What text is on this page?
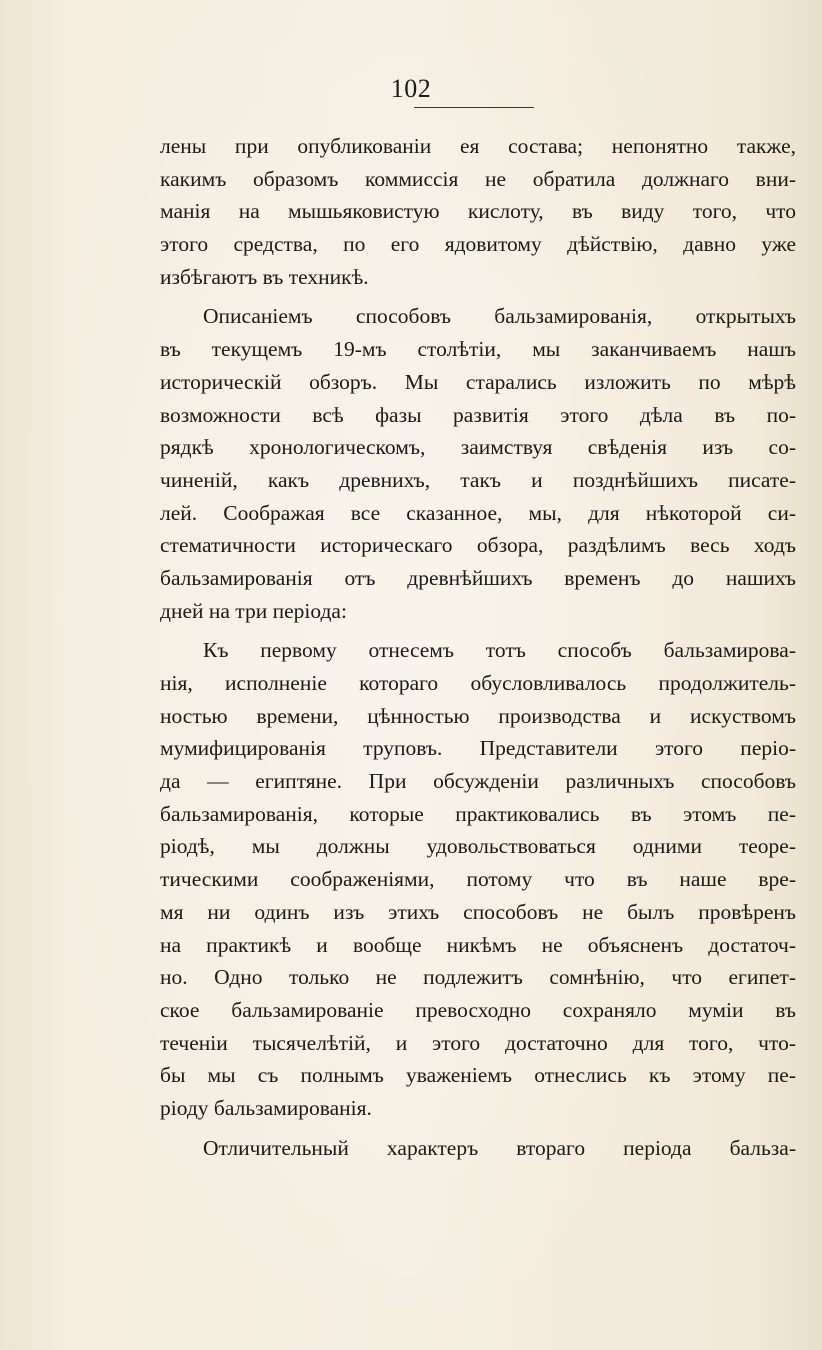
102
лены при опубликованiи ея состава; непонятно также,
какимъ образомъ коммиссiя не обратила должнаго вни-
манiя на мышьяковистую кислоту, въ виду того, что
этого средства, по его ядовитому дѣйствiю, давно уже
избѣгаютъ въ техникѣ.
Описанiемъ способовъ бальзамированiя, открытыхъ
въ текущемъ 19-мъ столѣтiи, мы заканчиваемъ нашъ
историческiй обзоръ. Мы старались изложить по мѣрѣ
возможности всѣ фазы развитiя этого дѣла въ по-
рядкѣ хронологическомъ, заимствуя свѣденiя изъ со-
чиненiй, какъ древнихъ, такъ и позднѣйшихъ писате-
лей. Соображая все сказанное, мы, для нѣкоторой си-
стематичности историческаго обзора, раздѣлимъ весь ходъ
бальзамированiя отъ древнѣйшихъ временъ до нашихъ
дней на три перiода:
Къ первому отнесемъ тотъ способъ бальзамирова-
нiя, исполненiе котораго обусловливалось продолжитель-
ностью времени, цѣнностью производства и искуствомъ
мумифицированiя труповъ. Представители этого перiо-
да — египтяне. При обсужденiи различныхъ способовъ
бальзамированiя, которые практиковались въ этомъ пе-
рiодѣ, мы должны удовольствоваться одними теоре-
тическими соображенiями, потому что въ наше вре-
мя ни одинъ изъ этихъ способовъ не былъ провѣренъ
на практикѣ и вообще никѣмъ не объясненъ достаточ-
но. Одно только не подлежитъ сомнѣнiю, что египет-
ское бальзамированiе превосходно сохраняло мумiи въ
теченiи тысячелѣтiй, и этого достаточно для того, что-
бы мы съ полнымъ уваженiемъ отнеслись къ этому пе-
рiоду бальзамированiя.
Отличительный характеръ втораго перiода бальза-
